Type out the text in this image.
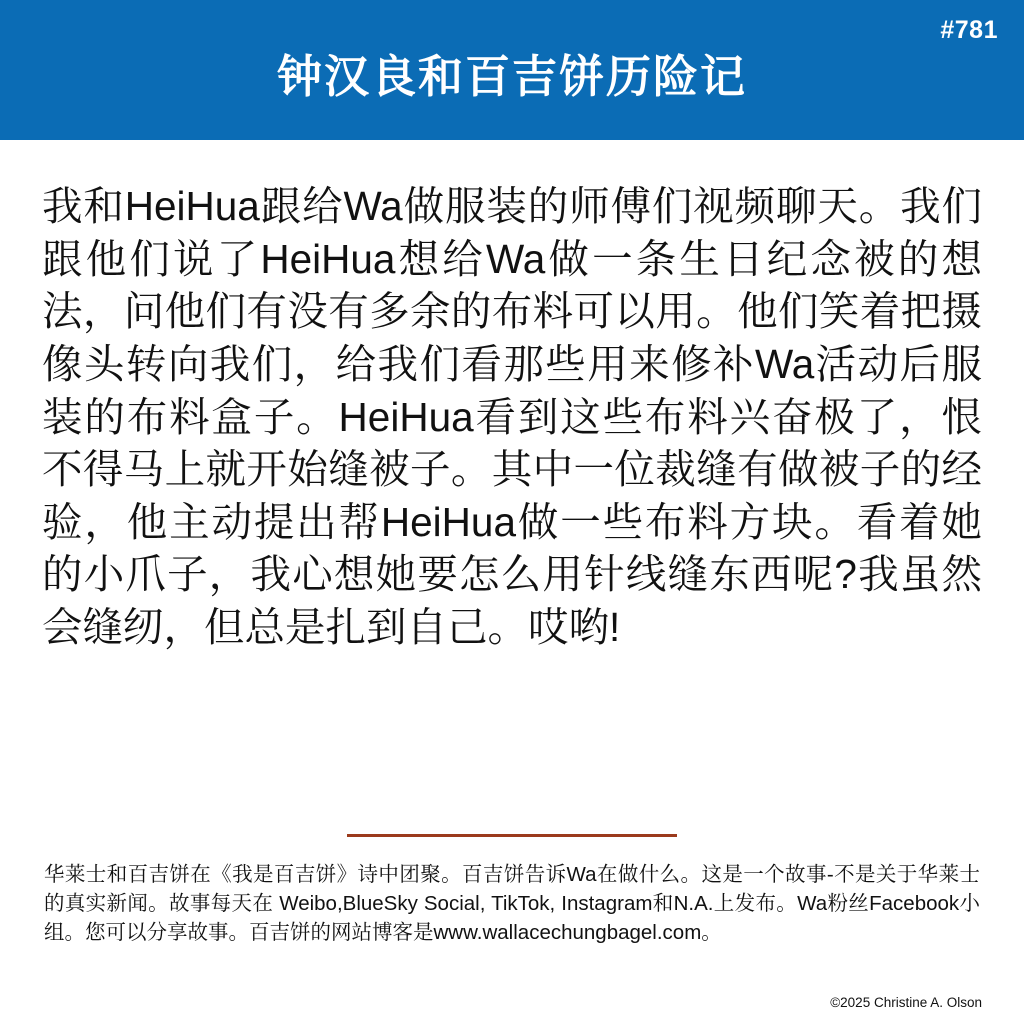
#781
钟汉良和百吉饼历险记
我和HeiHua跟给Wa做服装的师傅们视频聊天。我们跟他们说了HeiHua想给Wa做一条生日纪念被的想法，问他们有没有多余的布料可以用。他们笑着把摄像头转向我们，给我们看那些用来修补Wa活动后服装的布料盒子。HeiHua看到这些布料兴奋极了，恨不得马上就开始缝被子。其中一位裁缝有做被子的经验，他主动提出帮HeiHua做一些布料方块。看着她的小爪子，我心想她要怎么用针线缝东西呢?我虽然会缝纫，但总是扎到自己。哎哟!
华莱士和百吉饼在《我是百吉饼》诗中团聚。百吉饼告诉Wa在做什么。这是一个故事-不是关于华莱士的真实新闻。故事每天在 Weibo,BlueSky Social, TikTok, Instagram和N.A.上发布。Wa粉丝Facebook小组。您可以分享故事。百吉饼的网站博客是www.wallacechungbagel.com。
©2025 Christine A. Olson
